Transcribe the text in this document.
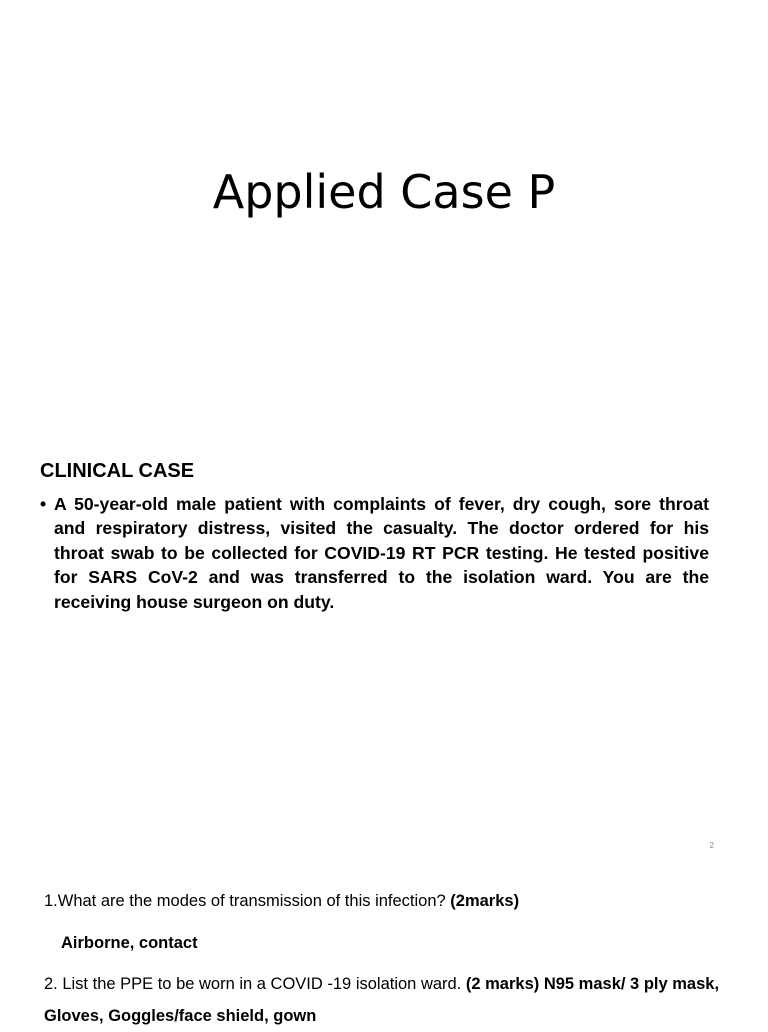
Applied Case P
CLINICAL CASE
• A 50-year-old male patient with complaints of fever, dry cough, sore throat and respiratory distress, visited the casualty. The doctor ordered for his throat swab to be collected for COVID-19 RT PCR testing. He tested positive for SARS CoV-2 and was transferred to the isolation ward. You are the receiving house surgeon on duty.
2
1.What are the modes of transmission of this infection? (2marks)
Airborne, contact
2. List the PPE to be worn in a COVID -19 isolation ward. (2 marks) N95 mask/ 3 ply mask, Gloves, Goggles/face shield, gown
